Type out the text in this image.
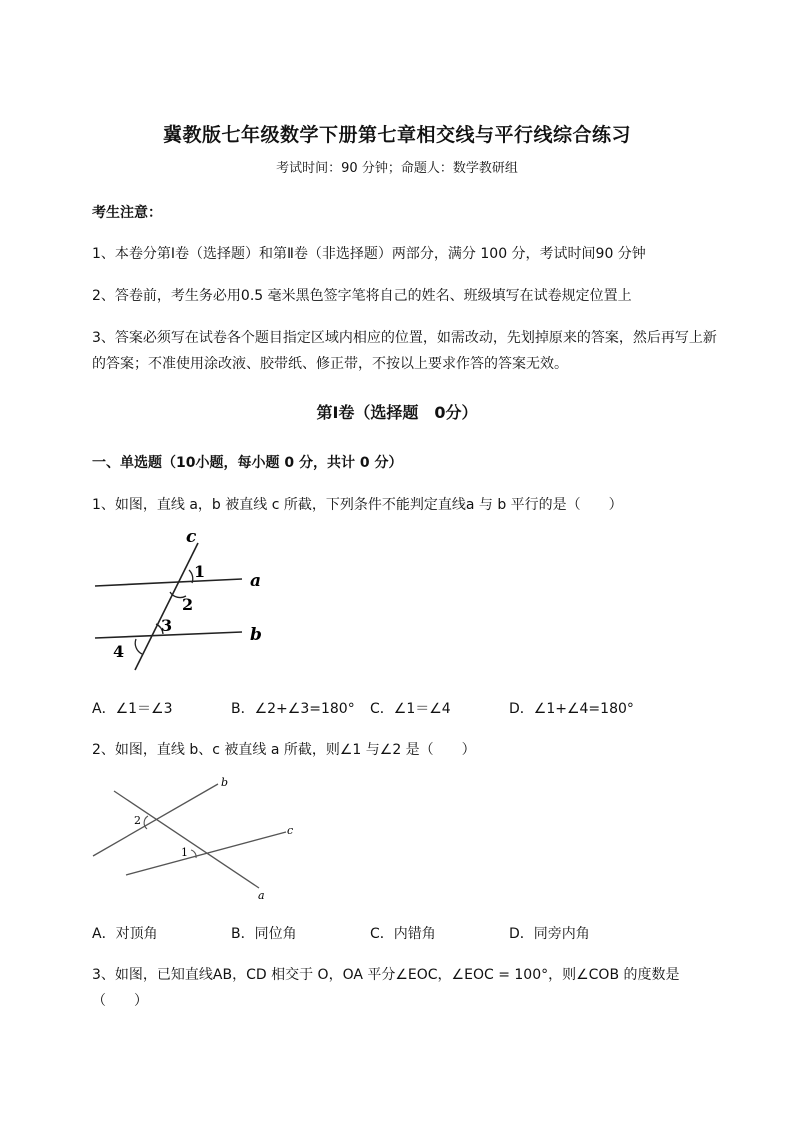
冀教版七年级数学下册第七章相交线与平行线综合练习
考试时间：90 分钟；命题人：数学教研组
考生注意：
1、本卷分第Ⅰ卷（选择题）和第Ⅱ卷（非选择题）两部分，满分 100 分，考试时间90 分钟
2、答卷前，考生务必用0.5 毫米黑色签字笔将自己的姓名、班级填写在试卷规定位置上
3、答案必须写在试卷各个题目指定区域内相应的位置，如需改动，先划掉原来的答案，然后再写上新
的答案；不准使用涂改液、胶带纸、修正带，不按以上要求作答的答案无效。
第Ⅰ卷（选择题　0分）
一、单选题（10小题，每小题 0 分，共计 0 分）
1、如图，直线 a，b 被直线 c 所截，下列条件不能判定直线a 与 b 平行的是（　　）
c
a
b
1
2
3
4
A．∠1＝∠3	B．∠2+∠3=180° C．∠1＝∠4	D．∠1+∠4=180°
2、如图，直线 b、c 被直线 a 所截，则∠1 与∠2 是（　　）
b
c
a
2
1
A．对顶角	B．同位角	C．内错角	D．同旁内角
3、如图，已知直线AB，CD 相交于 O，OA 平分∠EOC，∠EOC = 100°，则∠COB 的度数是
（　　）
